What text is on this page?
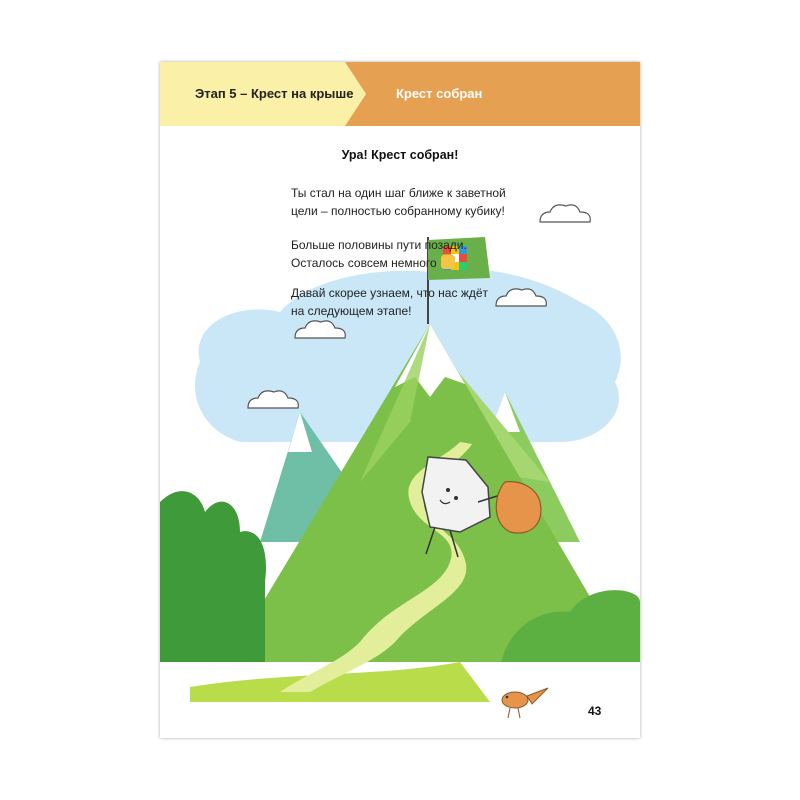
Этап 5 – Крест на крыше	Крест собран
Ура! Крест собран!
Ты стал на один шаг ближе к заветной
цели – полностью собранному кубику!
Больше половины пути позади.
Осталось совсем немного
Давай скорее узнаем, что нас ждёт
на следующем этапе!
43
